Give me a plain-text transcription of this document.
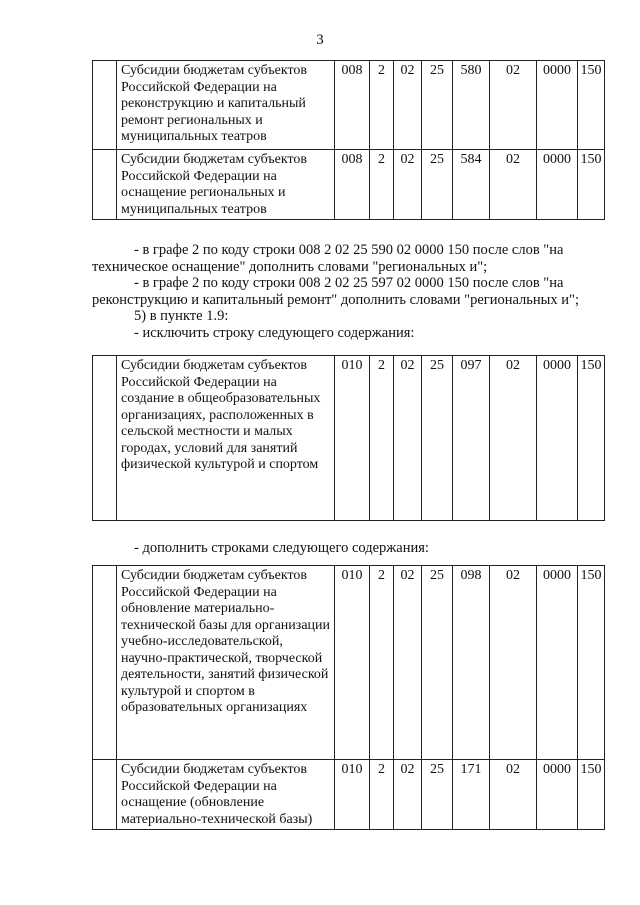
3
	Субсидии бюджетам субъектов Российской Федерации на реконструкцию и капитальный ремонт региональных и муниципальных театров	008	2	02	25	580	02	0000	150
	Субсидии бюджетам субъектов Российской Федерации на оснащение региональных и муниципальных театров	008	2	02	25	584	02	0000	150
- в графе 2 по коду строки 008 2 02 25 590 02 0000 150 после слов "на
техническое оснащение" дополнить словами "региональных и";
- в графе 2 по коду строки 008 2 02 25 597 02 0000 150 после слов "на
реконструкцию и капитальный ремонт" дополнить словами "региональных и";
5) в пункте 1.9:
- исключить строку следующего содержания:
	Субсидии бюджетам субъектов Российской Федерации на создание в общеобразовательных организациях, расположенных в сельской местности и малых городах, условий для занятий физической культурой и спортом	010	2	02	25	097	02	0000	150
- дополнить строками следующего содержания:
	Субсидии бюджетам субъектов Российской Федерации на обновление материально-технической базы для организации учебно-исследовательской, научно-практической, творческой деятельности, занятий физической культурой и спортом в образовательных организациях	010	2	02	25	098	02	0000	150
	Субсидии бюджетам субъектов Российской Федерации на оснащение (обновление материально-технической базы)	010	2	02	25	171	02	0000	150
